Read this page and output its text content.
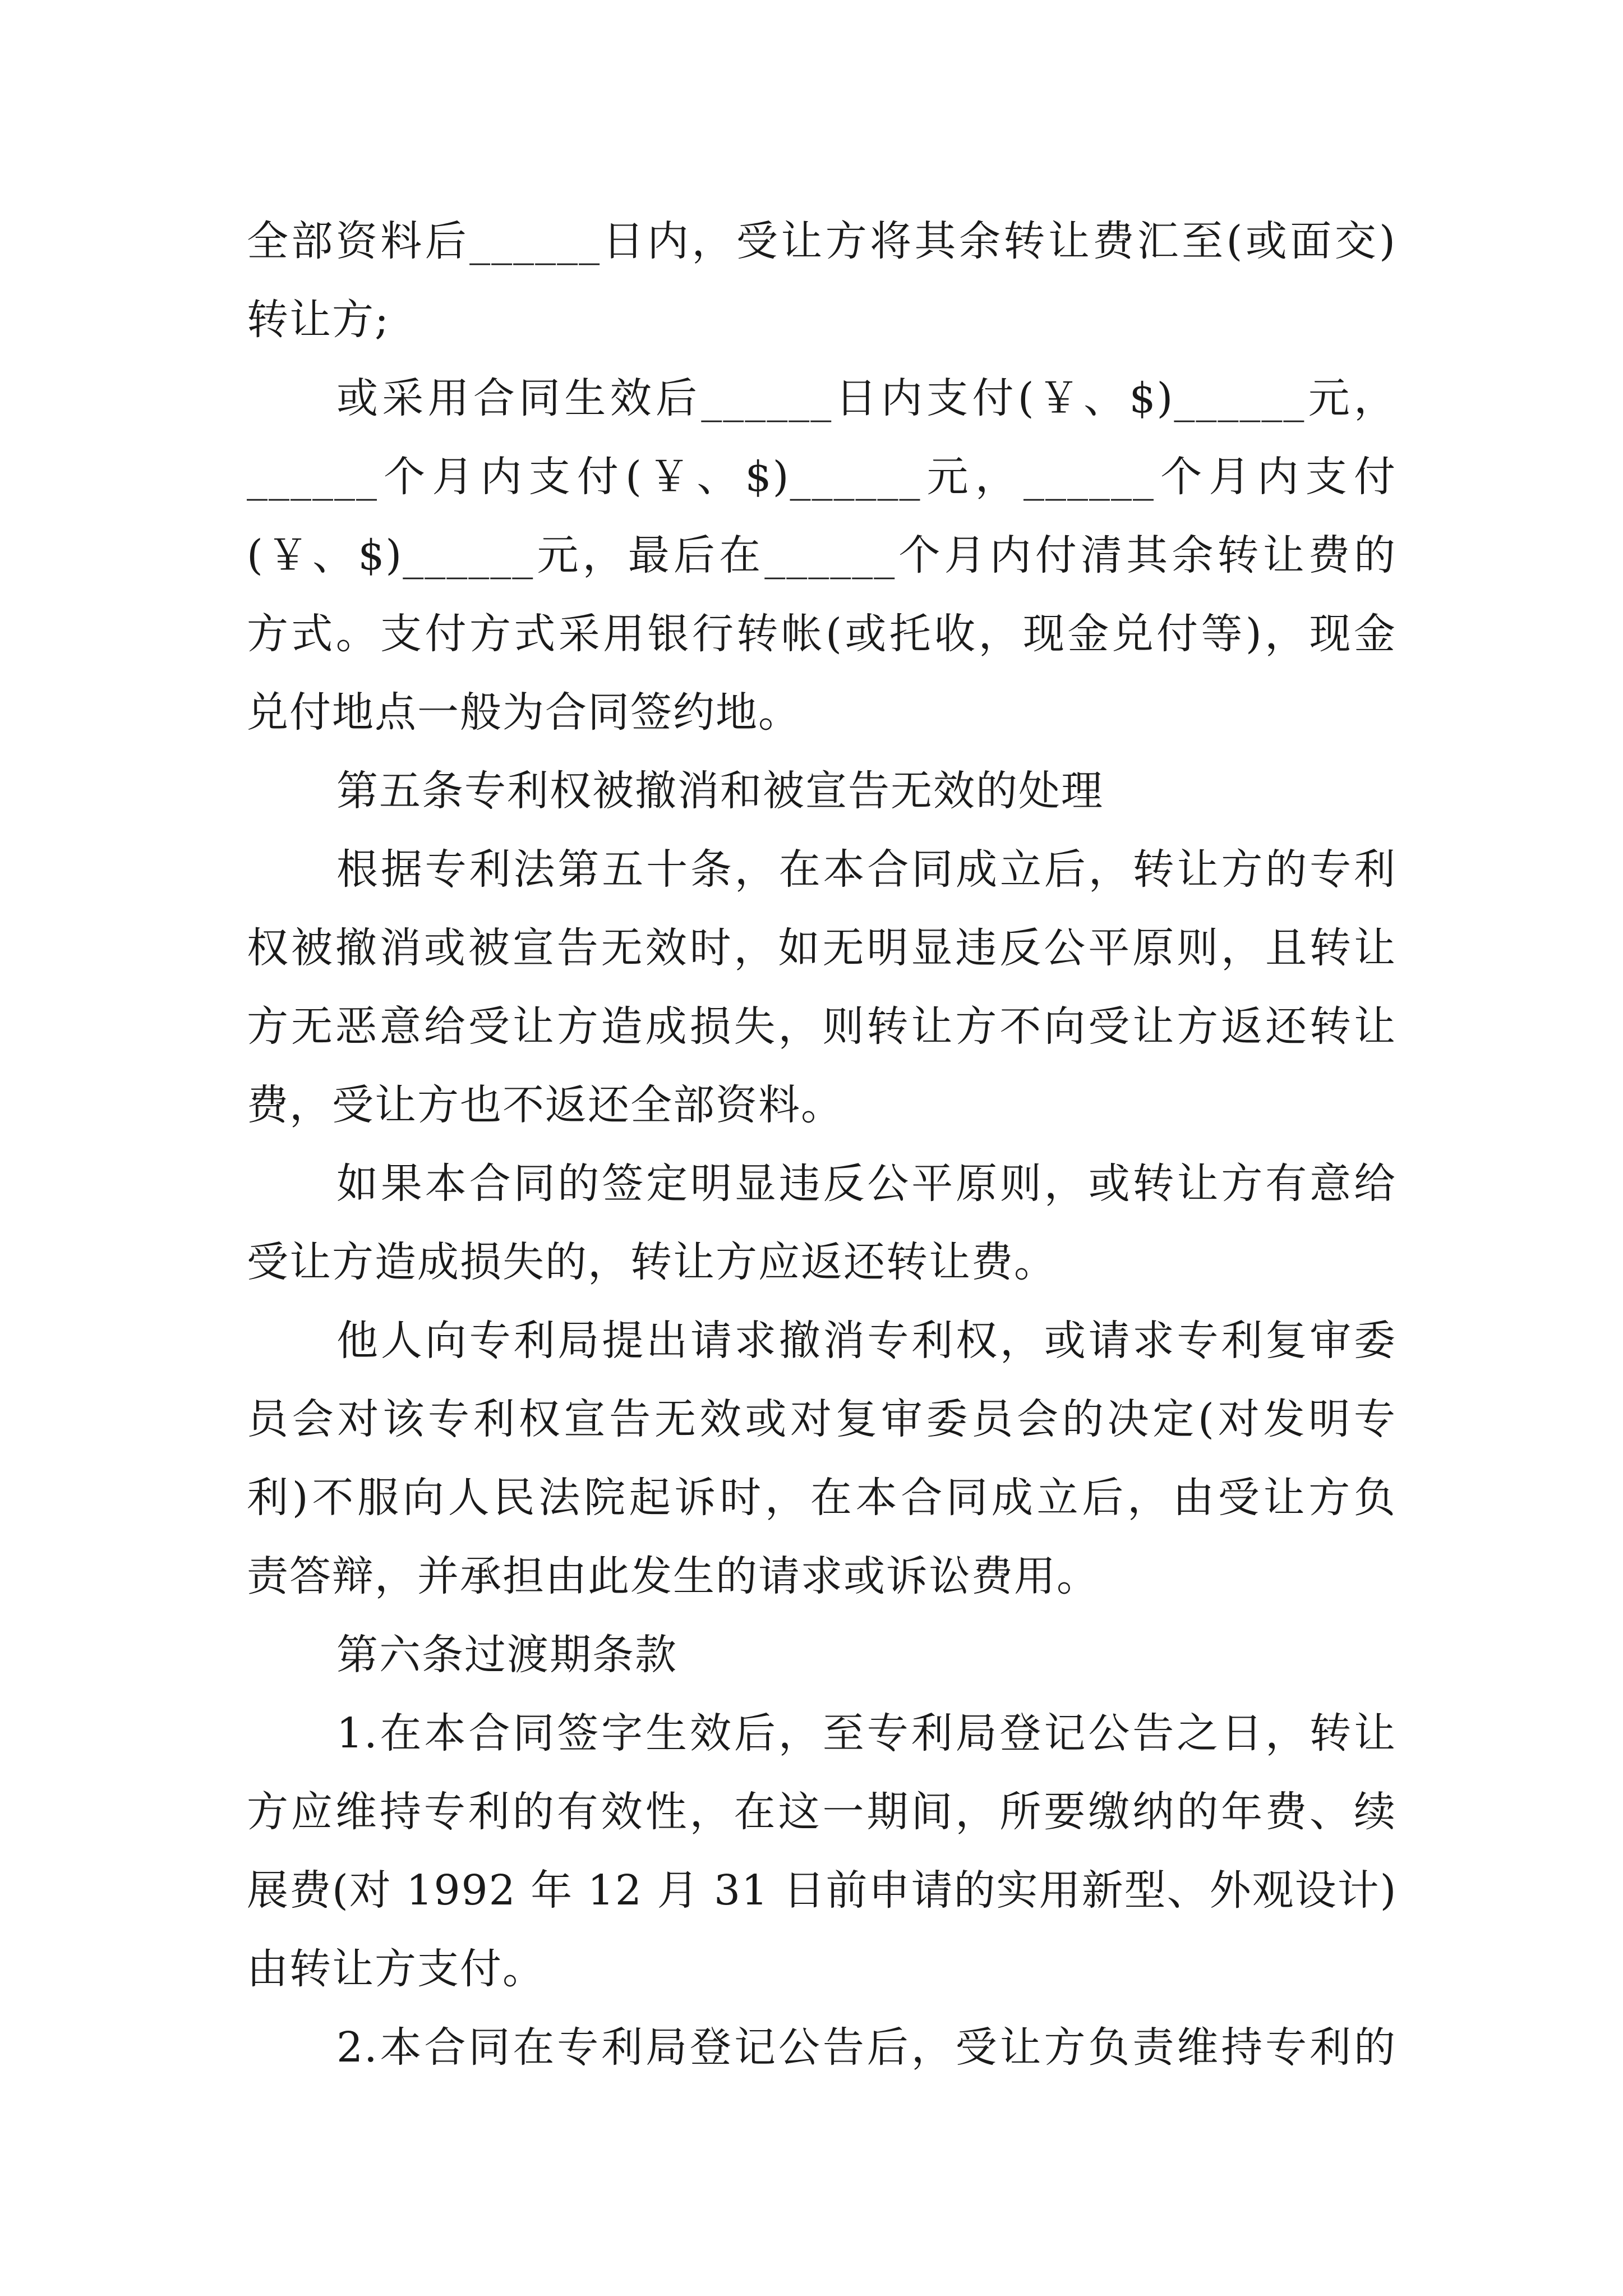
全部资料后______日内，受让方将其余转让费汇至(或面交)
转让方;
或采用合同生效后______日内支付(￥、$)______元，
______个月内支付(￥、$)______元，______个月内支付
(￥、$)______元，最后在______个月内付清其余转让费的
方式。支付方式采用银行转帐(或托收，现金兑付等)，现金
兑付地点一般为合同签约地。
第五条专利权被撤消和被宣告无效的处理
根据专利法第五十条，在本合同成立后，转让方的专利
权被撤消或被宣告无效时，如无明显违反公平原则，且转让
方无恶意给受让方造成损失，则转让方不向受让方返还转让
费，受让方也不返还全部资料。
如果本合同的签定明显违反公平原则，或转让方有意给
受让方造成损失的，转让方应返还转让费。
他人向专利局提出请求撤消专利权，或请求专利复审委
员会对该专利权宣告无效或对复审委员会的决定(对发明专
利)不服向人民法院起诉时，在本合同成立后，由受让方负
责答辩，并承担由此发生的请求或诉讼费用。
第六条过渡期条款
1.在本合同签字生效后，至专利局登记公告之日，转让
方应维持专利的有效性，在这一期间，所要缴纳的年费、续
展费(对 1992 年 12 月 31 日前申请的实用新型、外观设计)
由转让方支付。
2.本合同在专利局登记公告后，受让方负责维持专利的
